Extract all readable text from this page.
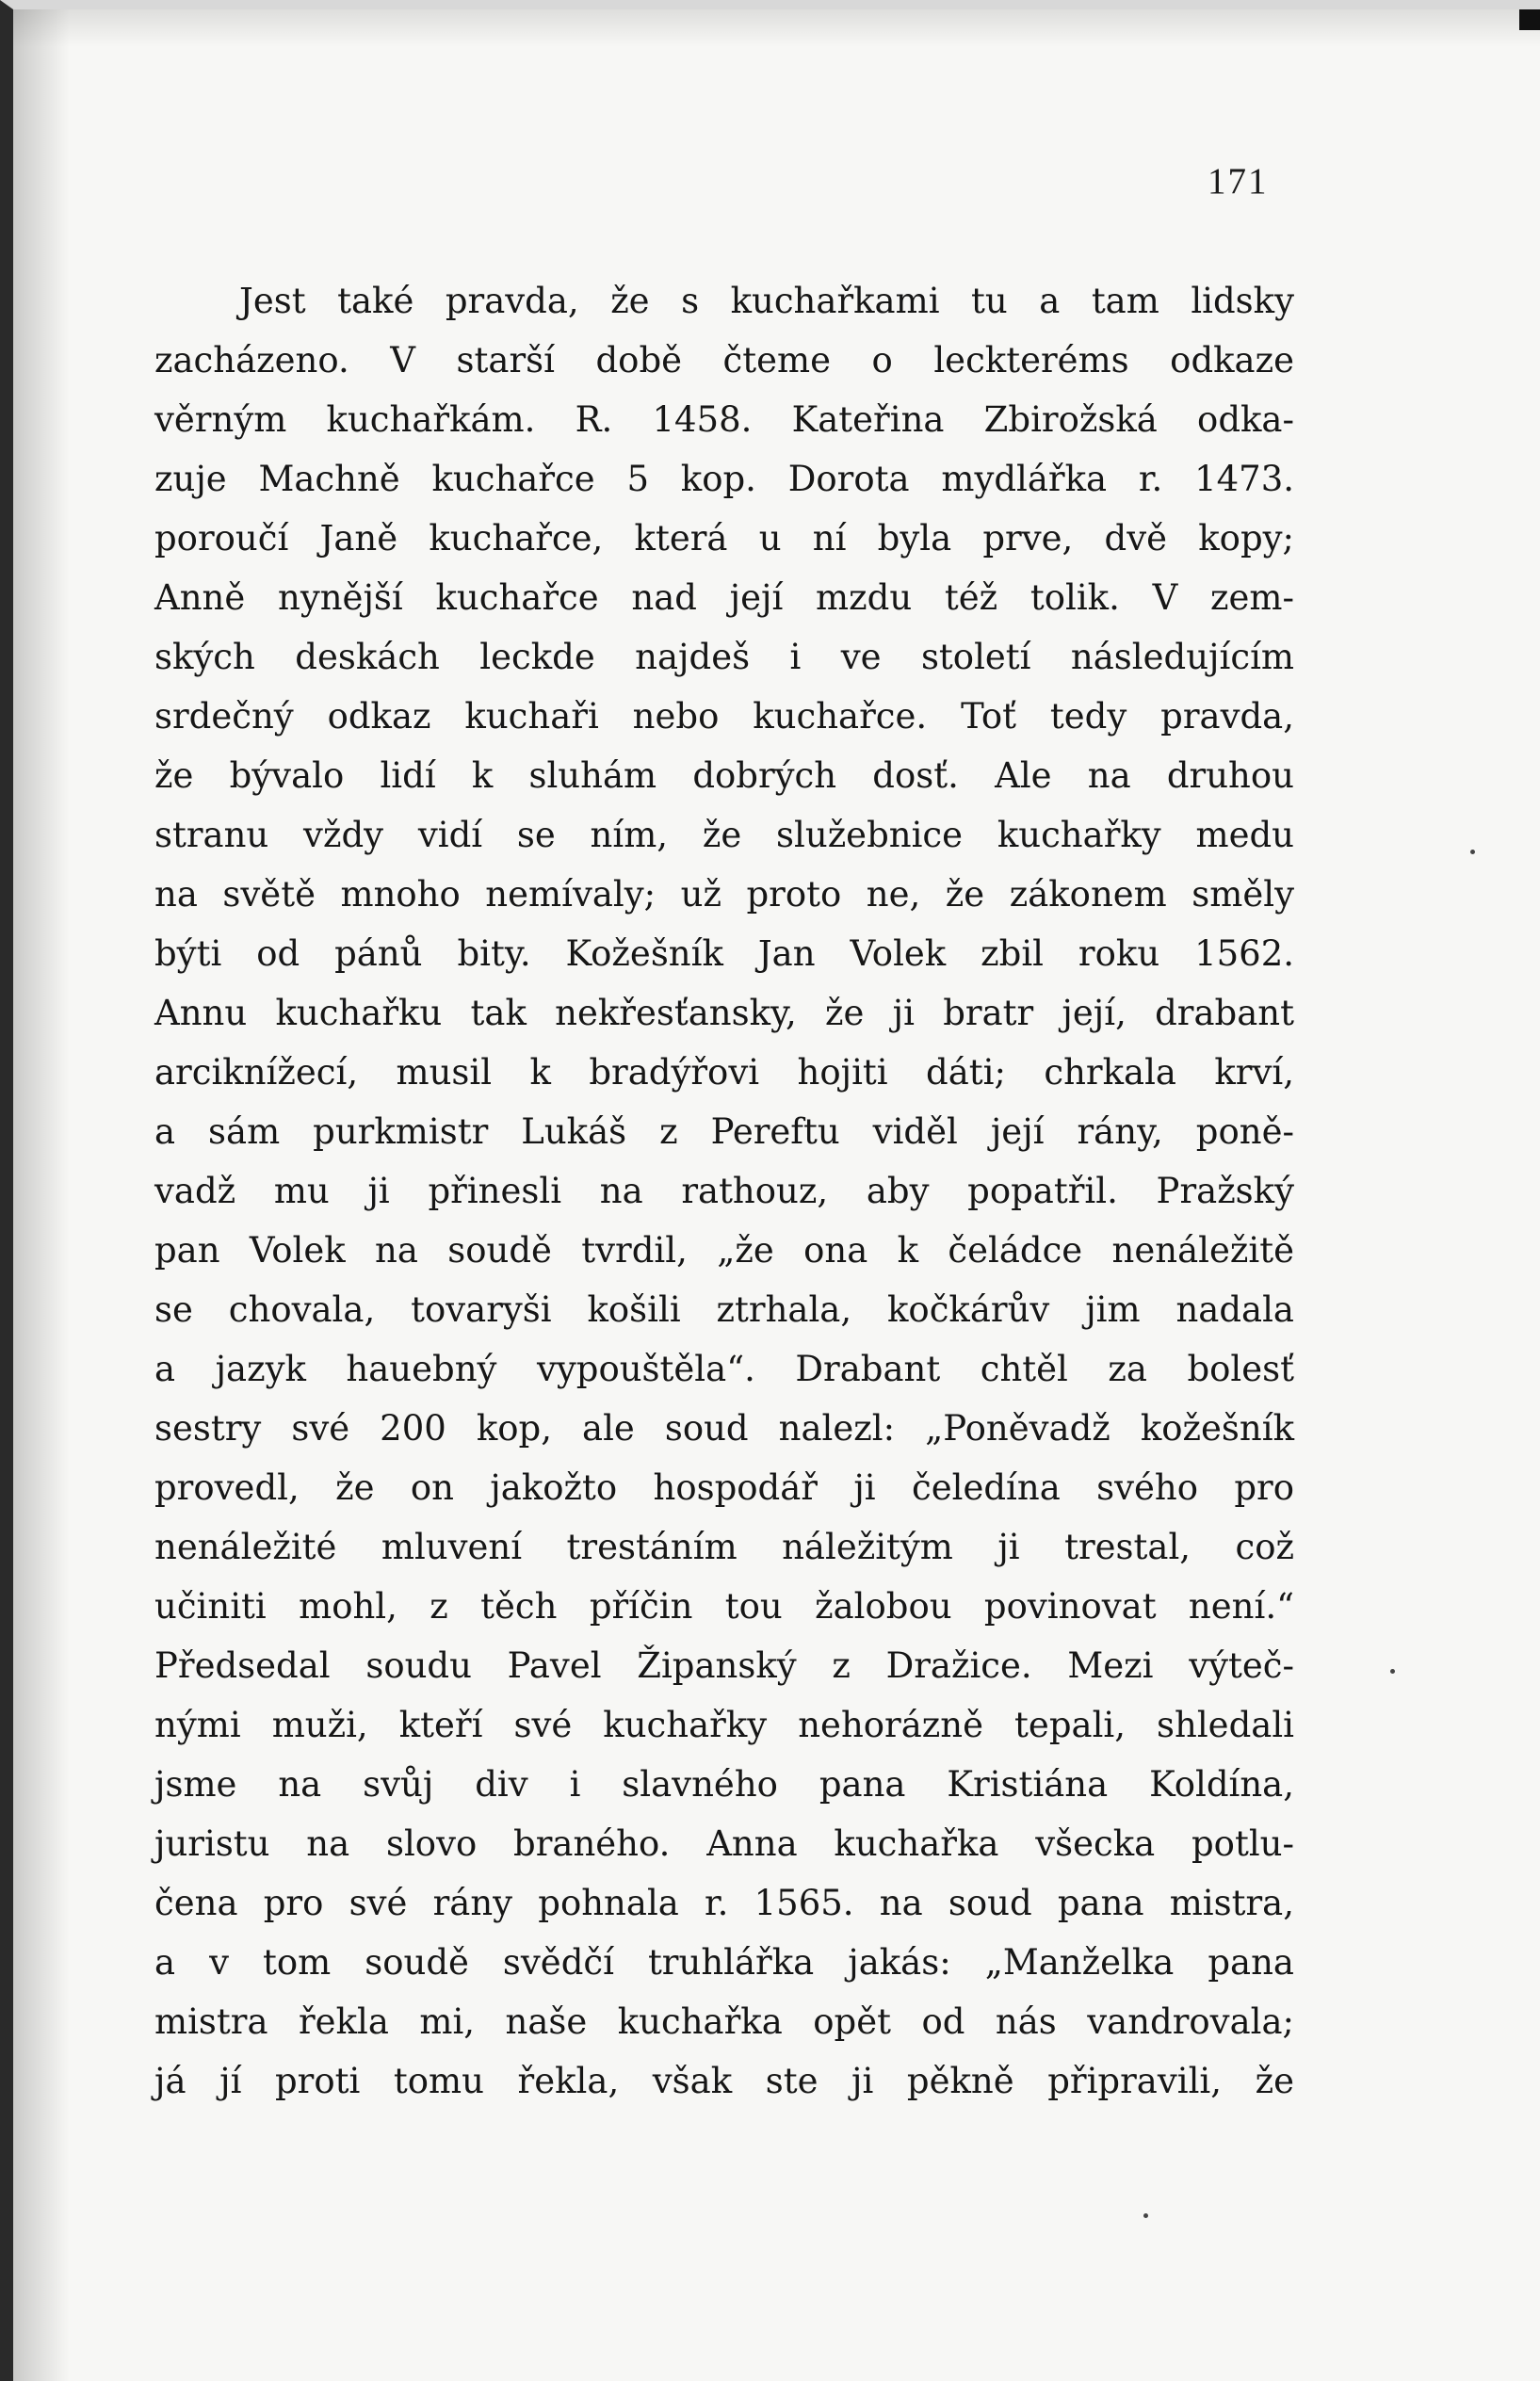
171
Jest také pravda, že s kuchařkami tu a tam lidsky
zacházeno. V starší době čteme o leckteréms odkaze
věrným kuchařkám. R. 1458. Kateřina Zbirožská odka-
zuje Machně kuchařce 5 kop. Dorota mydlářka r. 1473.
poroučí Janě kuchařce, která u ní byla prve, dvě kopy;
Anně nynější kuchařce nad její mzdu též tolik. V zem-
ských deskách leckde najdeš i ve století následujícím
srdečný odkaz kuchaři nebo kuchařce. Toť tedy pravda,
že bývalo lidí k sluhám dobrých dosť. Ale na druhou
stranu vždy vidí se ním, že služebnice kuchařky medu
na světě mnoho nemívaly; už proto ne, že zákonem směly
býti od pánů bity. Kožešník Jan Volek zbil roku 1562.
Annu kuchařku tak nekřesťansky, že ji bratr její, drabant
arciknížecí, musil k bradýřovi hojiti dáti; chrkala krví,
a sám purkmistr Lukáš z Pereftu viděl její rány, poně-
vadž mu ji přinesli na rathouz, aby popatřil. Pražský
pan Volek na soudě tvrdil, „že ona k čeládce nenáležitě
se chovala, tovaryši košili ztrhala, kočkárův jim nadala
a jazyk hauebný vypouštěla“. Drabant chtěl za bolesť
sestry své 200 kop, ale soud nalezl: „Poněvadž kožešník
provedl, že on jakožto hospodář ji čeledína svého pro
nenáležité mluvení trestáním náležitým ji trestal, což
učiniti mohl, z těch příčin tou žalobou povinovat není.“
Předsedal soudu Pavel Žipanský z Dražice. Mezi výteč-
nými muži, kteří své kuchařky nehorázně tepali, shledali
jsme na svůj div i slavného pana Kristiána Koldína,
juristu na slovo braného. Anna kuchařka všecka potlu-
čena pro své rány pohnala r. 1565. na soud pana mistra,
a v tom soudě svědčí truhlářka jakás: „Manželka pana
mistra řekla mi, naše kuchařka opět od nás vandrovala;
já jí proti tomu řekla, však ste ji pěkně připravili, že
